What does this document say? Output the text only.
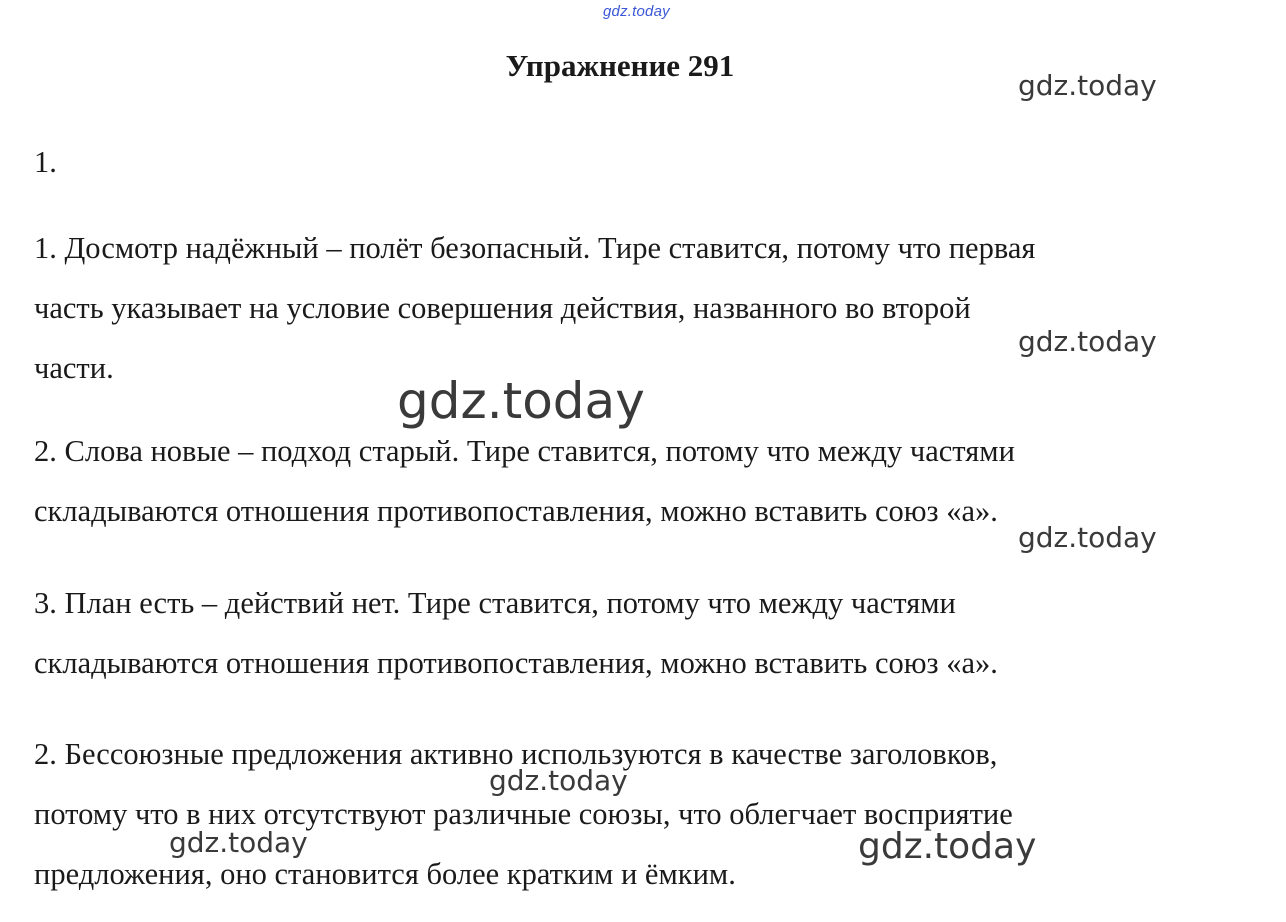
gdz.today
Упражнение 291
1.
1. Досмотр надёжный – полёт безопасный. Тире ставится, потому что первая
часть указывает на условие совершения действия, названного во второй
части.
2. Слова новые – подход старый. Тире ставится, потому что между частями
складываются отношения противопоставления, можно вставить союз «а».
3. План есть – действий нет. Тире ставится, потому что между частями
складываются отношения противопоставления, можно вставить союз «а».
2. Бессоюзные предложения активно используются в качестве заголовков,
потому что в них отсутствуют различные союзы, что облегчает восприятие
предложения, оно становится более кратким и ёмким.
gdz.today
gdz.today
gdz.today
gdz.today
gdz.today
gdz.today	gdz.today
